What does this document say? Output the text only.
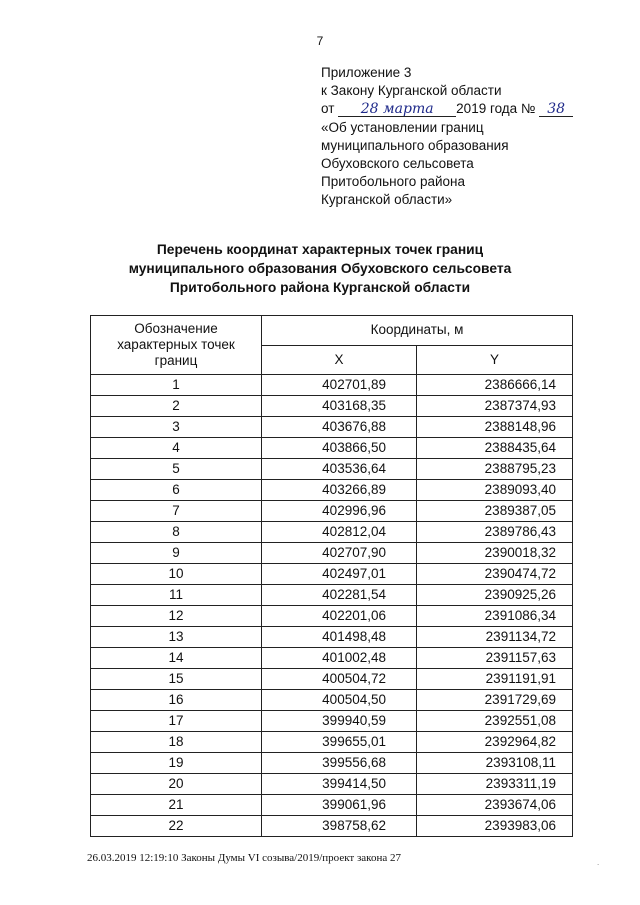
7
Приложение 3
к Закону Курганской области
от 28 марта 2019 года № 38
«Об установлении границ
муниципального образования
Обуховского сельсовета
Притобольного района
Курганской области»
Перечень координат характерных точек границ
муниципального образования Обуховского сельсовета
Притобольного района Курганской области
Обозначение
характерных точек
границ	Координаты, м	
	X	Y
1	402701,89	2386666,14
2	403168,35	2387374,93
3	403676,88	2388148,96
4	403866,50	2388435,64
5	403536,64	2388795,23
6	403266,89	2389093,40
7	402996,96	2389387,05
8	402812,04	2389786,43
9	402707,90	2390018,32
10	402497,01	2390474,72
11	402281,54	2390925,26
12	402201,06	2391086,34
13	401498,48	2391134,72
14	401002,48	2391157,63
15	400504,72	2391191,91
16	400504,50	2391729,69
17	399940,59	2392551,08
18	399655,01	2392964,82
19	399556,68	2393108,11
20	399414,50	2393311,19
21	399061,96	2393674,06
22	398758,62	2393983,06
26.03.2019 12:19:10 Законы Думы VI созыва/2019/проект закона 27	.
